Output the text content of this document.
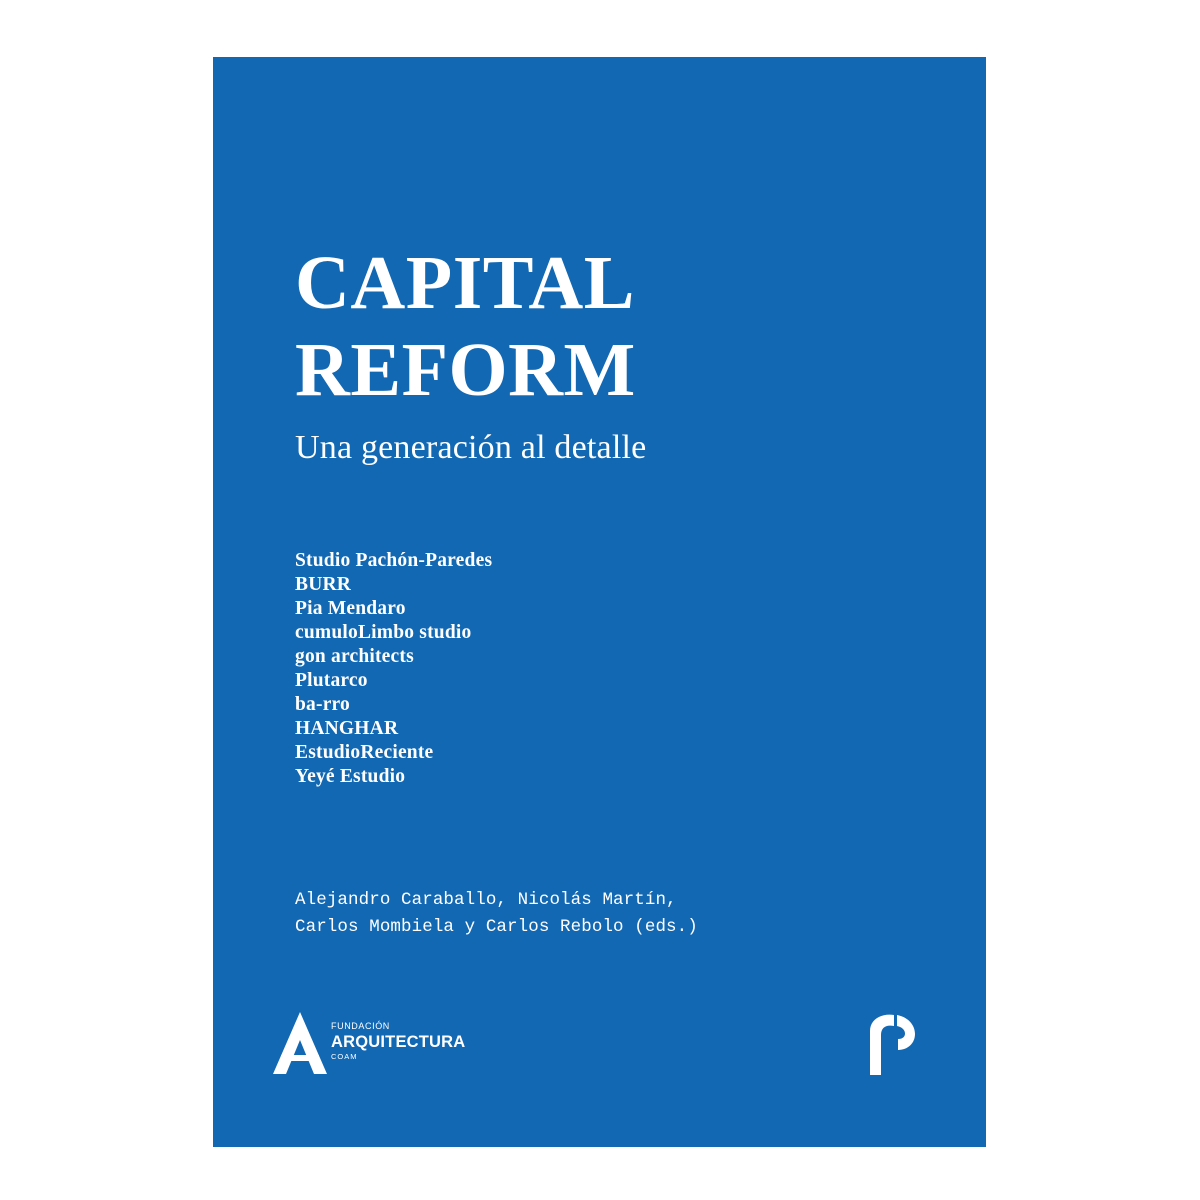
CAPITAL
REFORM
Una generación al detalle
Studio Pachón-Paredes
BURR
Pia Mendaro
cumuloLimbo studio
gon architects
Plutarco
ba-rro
HANGHAR
EstudioReciente
Yeyé Estudio
Alejandro Caraballo, Nicolás Martín,
Carlos Mombiela y Carlos Rebolo (eds.)
FUNDACIÓN
ARQUITECTURA
COAM
